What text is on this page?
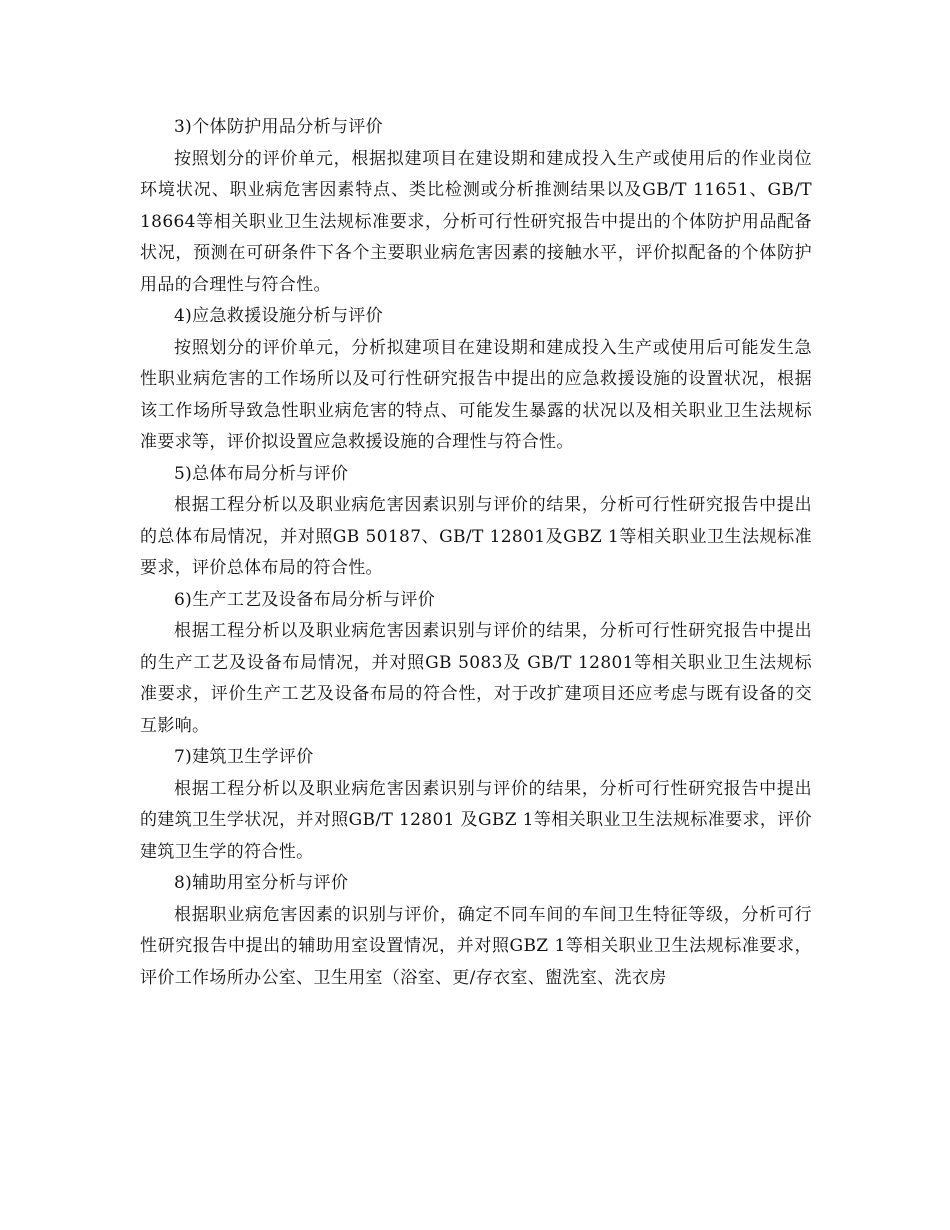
3)个体防护用品分析与评价

按照划分的评价单元，根据拟建项目在建设期和建成投入生产或使用后的作业岗位环境状况、职业病危害因素特点、类比检测或分析推测结果以及GB/T 11651、GB/T 18664等相关职业卫生法规标准要求，分析可行性研究报告中提出的个体防护用品配备状况，预测在可研条件下各个主要职业病危害因素的接触水平，评价拟配备的个体防护用品的合理性与符合性。

4)应急救援设施分析与评价

按照划分的评价单元，分析拟建项目在建设期和建成投入生产或使用后可能发生急性职业病危害的工作场所以及可行性研究报告中提出的应急救援设施的设置状况，根据该工作场所导致急性职业病危害的特点、可能发生暴露的状况以及相关职业卫生法规标准要求等，评价拟设置应急救援设施的合理性与符合性。

5)总体布局分析与评价

根据工程分析以及职业病危害因素识别与评价的结果，分析可行性研究报告中提出的总体布局情况，并对照GB 50187、GB/T 12801及GBZ 1等相关职业卫生法规标准要求，评价总体布局的符合性。

6)生产工艺及设备布局分析与评价

根据工程分析以及职业病危害因素识别与评价的结果，分析可行性研究报告中提出的生产工艺及设备布局情况，并对照GB 5083及 GB/T 12801等相关职业卫生法规标准要求，评价生产工艺及设备布局的符合性，对于改扩建项目还应考虑与既有设备的交互影响。

7)建筑卫生学评价

根据工程分析以及职业病危害因素识别与评价的结果，分析可行性研究报告中提出的建筑卫生学状况，并对照GB/T 12801 及GBZ 1等相关职业卫生法规标准要求，评价建筑卫生学的符合性。

8)辅助用室分析与评价

根据职业病危害因素的识别与评价，确定不同车间的车间卫生特征等级，分析可行性研究报告中提出的辅助用室设置情况，并对照GBZ 1等相关职业卫生法规标准要求，评价工作场所办公室、卫生用室（浴室、更/存衣室、盥洗室、洗衣房
